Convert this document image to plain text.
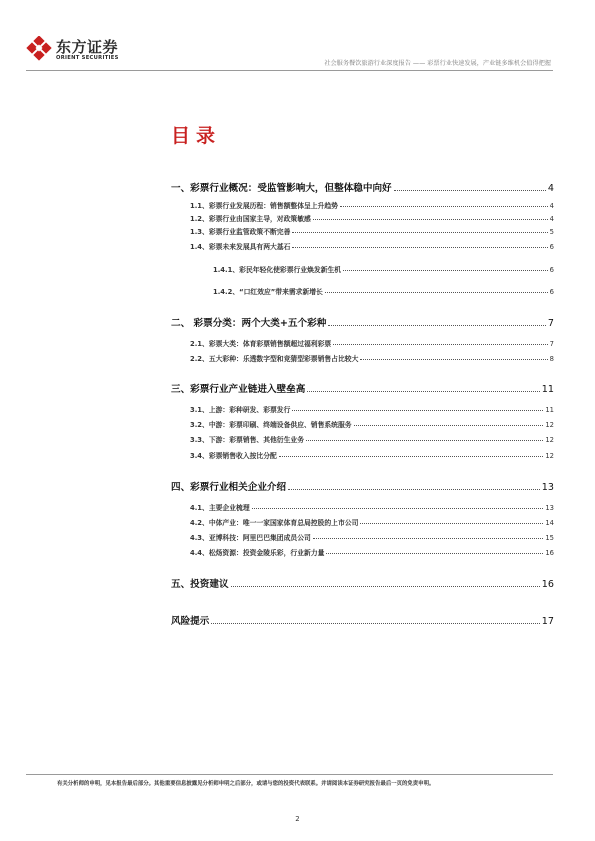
东方证券
ORIENT SECURITIES
社会服务餐饮旅游行业深度报告 —— 彩票行业快速发展，产业链多维机会值得把握
目录
一、彩票行业概况：受监管影响大，但整体稳中向好	4
1.1、彩票行业发展历程：销售额整体呈上升趋势	4
1.2、彩票行业由国家主导，对政策敏感	4
1.3、彩票行业监管政策不断完善	5
1.4、彩票未来发展具有两大基石	6
1.4.1、彩民年轻化使彩票行业焕发新生机	6
1.4.2、“口红效应”带来需求新增长	6
二、 彩票分类：两个大类+五个彩种	7
2.1、彩票大类：体育彩票销售额超过福利彩票	7
2.2、五大彩种：乐透数字型和竞猜型彩票销售占比较大	8
三、彩票行业产业链进入壁垒高	11
3.1、上游：彩种研发、彩票发行	11
3.2、中游：彩票印刷、终端设备供应、销售系统服务	12
3.3、下游：彩票销售、其他衍生业务	12
3.4、彩票销售收入按比分配	12
四、彩票行业相关企业介绍	13
4.1、主要企业梳理	13
4.2、中体产业：唯一一家国家体育总局控股的上市公司	14
4.3、亚博科技：阿里巴巴集团成员公司	15
4.4、松炀资源：投资金陵乐彩，行业新力量	16
五、投资建议	16
风险提示	17
有关分析师的申明，见本报告最后部分。其他重要信息披露见分析师申明之后部分，或请与您的投资代表联系。并请阅读本证券研究报告最后一页的免责申明。
2
